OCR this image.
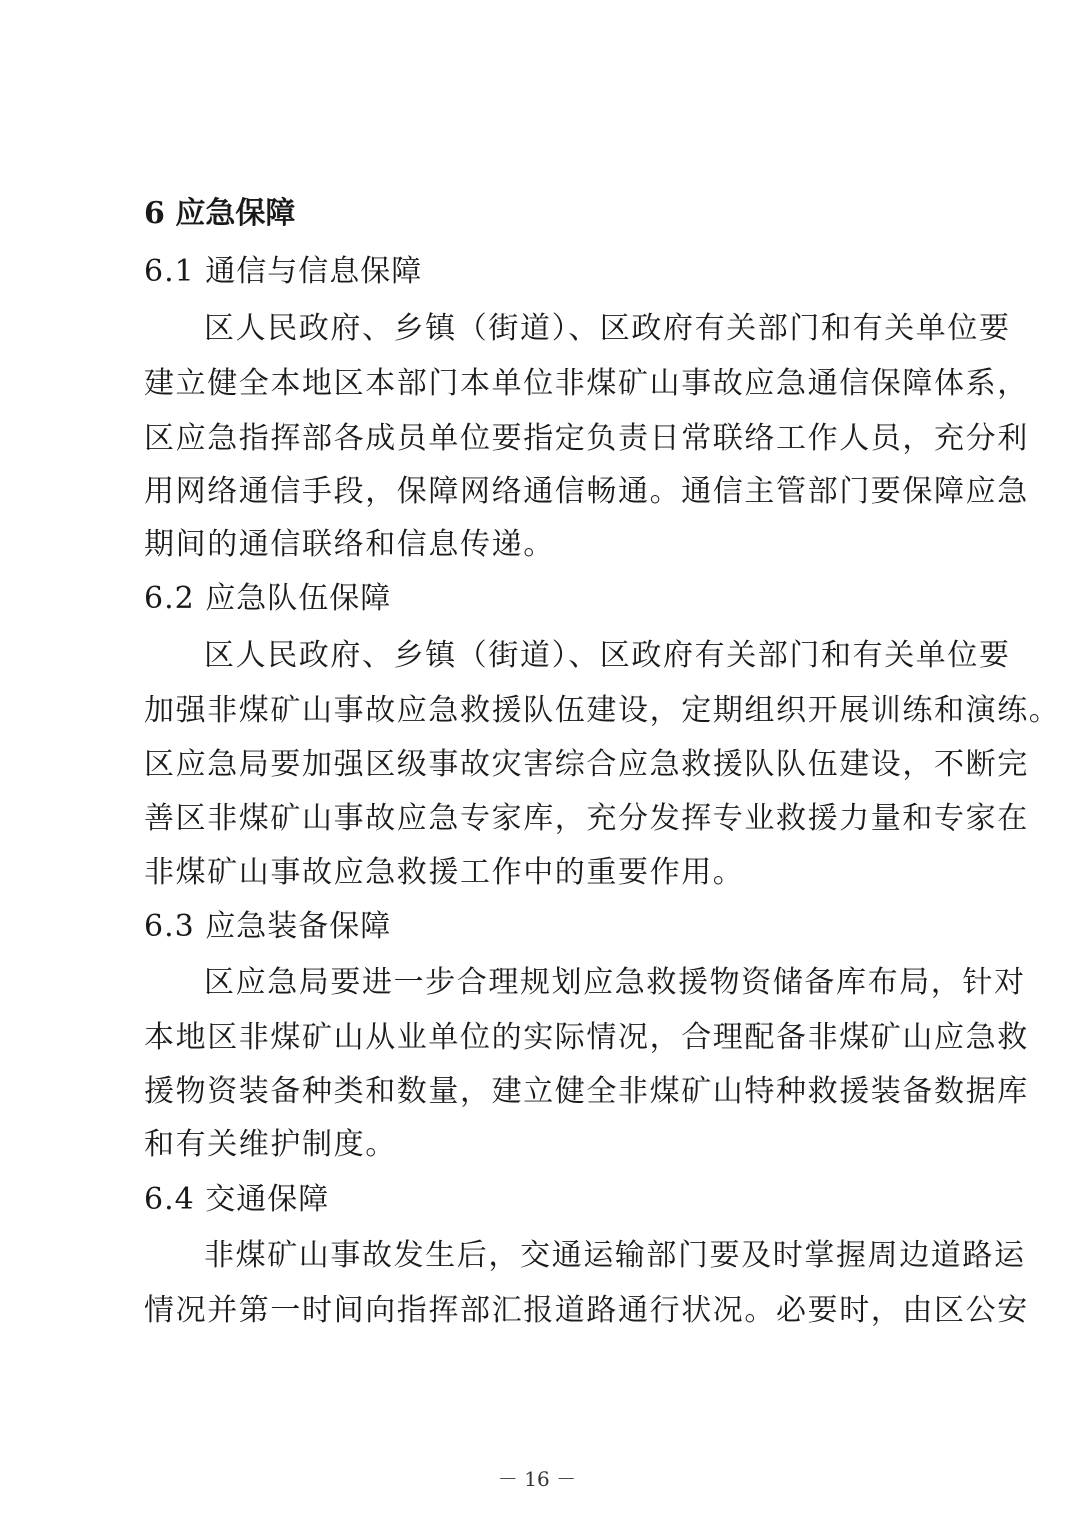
6 应急保障
6.1 通信与信息保障
区人民政府、乡镇（街道）、区政府有关部门和有关单位要
建立健全本地区本部门本单位非煤矿山事故应急通信保障体系，
区应急指挥部各成员单位要指定负责日常联络工作人员，充分利
用网络通信手段，保障网络通信畅通。通信主管部门要保障应急
期间的通信联络和信息传递。
6.2 应急队伍保障
区人民政府、乡镇（街道）、区政府有关部门和有关单位要
加强非煤矿山事故应急救援队伍建设，定期组织开展训练和演练。
区应急局要加强区级事故灾害综合应急救援队队伍建设，不断完
善区非煤矿山事故应急专家库，充分发挥专业救援力量和专家在
非煤矿山事故应急救援工作中的重要作用。
6.3 应急装备保障
区应急局要进一步合理规划应急救援物资储备库布局，针对
本地区非煤矿山从业单位的实际情况，合理配备非煤矿山应急救
援物资装备种类和数量，建立健全非煤矿山特种救援装备数据库
和有关维护制度。
6.4 交通保障
非煤矿山事故发生后，交通运输部门要及时掌握周边道路运
情况并第一时间向指挥部汇报道路通行状况。必要时，由区公安
－ 16 －
